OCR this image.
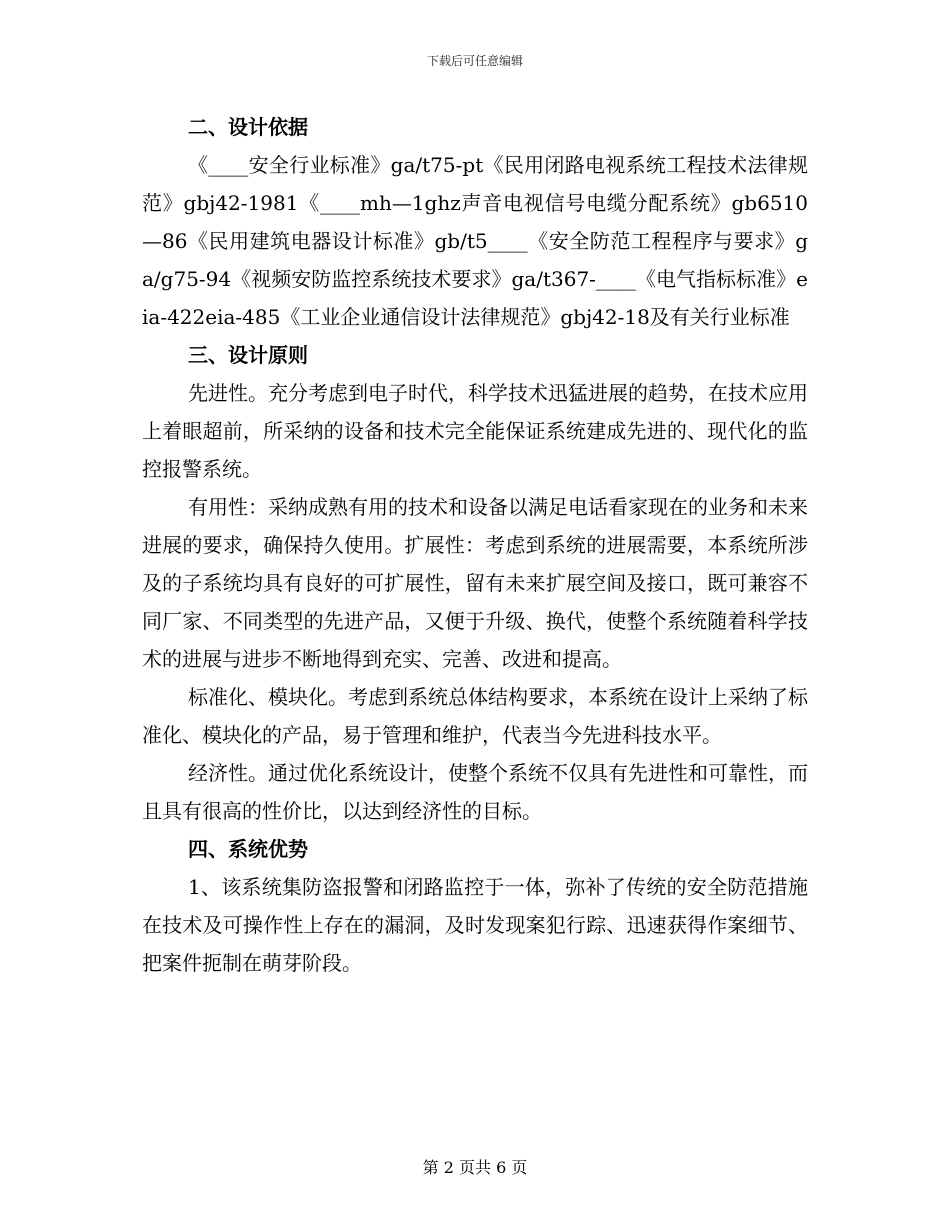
下载后可任意编辑
二、设计依据

《____安全行业标准》ga/t75-pt《民用闭路电视系统工程技术法律规范》gbj42-1981《____mh—1ghz声音电视信号电缆分配系统》gb6510—86《民用建筑电器设计标准》gb/t5____《安全防范工程程序与要求》ga/g75-94《视频安防监控系统技术要求》ga/t367-____《电气指标标准》eia-422eia-485《工业企业通信设计法律规范》gbj42-18及有关行业标准

三、设计原则

先进性。充分考虑到电子时代，科学技术迅猛进展的趋势，在技术应用上着眼超前，所采纳的设备和技术完全能保证系统建成先进的、现代化的监控报警系统。

有用性：采纳成熟有用的技术和设备以满足电话看家现在的业务和未来进展的要求，确保持久使用。扩展性：考虑到系统的进展需要，本系统所涉及的子系统均具有良好的可扩展性，留有未来扩展空间及接口，既可兼容不同厂家、不同类型的先进产品，又便于升级、换代，使整个系统随着科学技术的进展与进步不断地得到充实、完善、改进和提高。

标准化、模块化。考虑到系统总体结构要求，本系统在设计上采纳了标准化、模块化的产品，易于管理和维护，代表当今先进科技水平。

经济性。通过优化系统设计，使整个系统不仅具有先进性和可靠性，而且具有很高的性价比，以达到经济性的目标。

四、系统优势

1、该系统集防盗报警和闭路监控于一体，弥补了传统的安全防范措施在技术及可操作性上存在的漏洞，及时发现案犯行踪、迅速获得作案细节、把案件扼制在萌芽阶段。

第 2 页共 6 页
